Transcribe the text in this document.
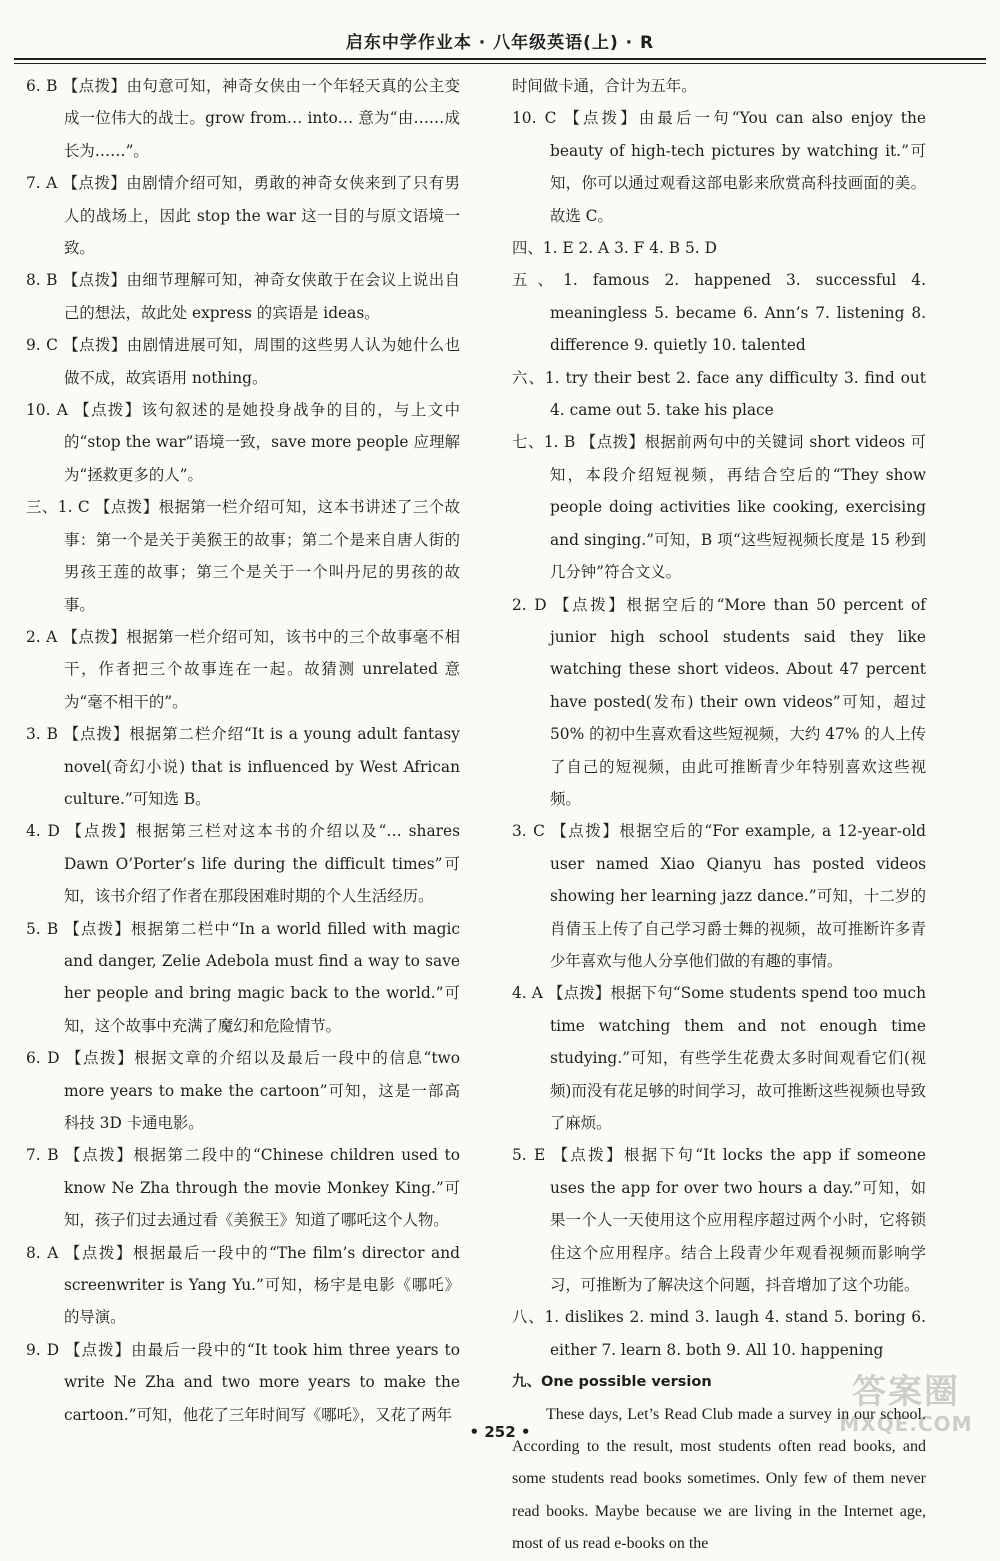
启东中学作业本 · 八年级英语(上) · R

6. B 【点拨】由句意可知，神奇女侠由一个年轻天真的公主变成一位伟大的战士。grow from… into… 意为“由……成长为……”。

7. A 【点拨】由剧情介绍可知，勇敢的神奇女侠来到了只有男人的战场上，因此 stop the war 这一目的与原文语境一致。

8. B 【点拨】由细节理解可知，神奇女侠敢于在会议上说出自己的想法，故此处 express 的宾语是 ideas。

9. C 【点拨】由剧情进展可知，周围的这些男人认为她什么也做不成，故宾语用 nothing。

10. A 【点拨】该句叙述的是她投身战争的目的，与上文中的“stop the war”语境一致，save more people 应理解为“拯救更多的人”。

三、1. C 【点拨】根据第一栏介绍可知，这本书讲述了三个故事：第一个是关于美猴王的故事；第二个是来自唐人街的男孩王莲的故事；第三个是关于一个叫丹尼的男孩的故事。

2. A 【点拨】根据第一栏介绍可知，该书中的三个故事毫不相干，作者把三个故事连在一起。故猜测 unrelated 意为“毫不相干的”。

3. B 【点拨】根据第二栏介绍“It is a young adult fantasy novel(奇幻小说) that is influenced by West African culture.”可知选 B。

4. D 【点拨】根据第三栏对这本书的介绍以及“… shares Dawn O’Porter’s life during the difficult times”可知，该书介绍了作者在那段困难时期的个人生活经历。

5. B 【点拨】根据第二栏中“In a world filled with magic and danger, Zelie Adebola must find a way to save her people and bring magic back to the world.”可知，这个故事中充满了魔幻和危险情节。

6. D 【点拨】根据文章的介绍以及最后一段中的信息“two more years to make the cartoon”可知，这是一部高科技 3D 卡通电影。

7. B 【点拨】根据第二段中的“Chinese children used to know Ne Zha through the movie Monkey King.”可知，孩子们过去通过看《美猴王》知道了哪吒这个人物。

8. A 【点拨】根据最后一段中的“The film’s director and screenwriter is Yang Yu.”可知，杨宇是电影《哪吒》的导演。

9. D 【点拨】由最后一段中的“It took him three years to write Ne Zha and two more years to make the cartoon.”可知，他花了三年时间写《哪吒》，又花了两年

时间做卡通，合计为五年。

10. C 【点拨】由最后一句“You can also enjoy the beauty of high-tech pictures by watching it.”可知，你可以通过观看这部电影来欣赏高科技画面的美。故选 C。

四、1. E 2. A 3. F 4. B 5. D

五、1. famous 2. happened 3. successful 4. meaningless 5. became 6. Ann’s 7. listening 8. difference 9. quietly 10. talented

六、1. try their best 2. face any difficulty 3. find out 4. came out 5. take his place

七、1. B 【点拨】根据前两句中的关键词 short videos 可知，本段介绍短视频，再结合空后的“They show people doing activities like cooking, exercising and singing.”可知，B 项“这些短视频长度是 15 秒到几分钟”符合文义。

2. D 【点拨】根据空后的“More than 50 percent of junior high school students said they like watching these short videos. About 47 percent have posted(发布) their own videos”可知，超过 50% 的初中生喜欢看这些短视频，大约 47% 的人上传了自己的短视频，由此可推断青少年特别喜欢这些视频。

3. C 【点拨】根据空后的“For example, a 12-year-old user named Xiao Qianyu has posted videos showing her learning jazz dance.”可知，十二岁的肖倩玉上传了自己学习爵士舞的视频，故可推断许多青少年喜欢与他人分享他们做的有趣的事情。

4. A 【点拨】根据下句“Some students spend too much time watching them and not enough time studying.”可知，有些学生花费太多时间观看它们(视频)而没有花足够的时间学习，故可推断这些视频也导致了麻烦。

5. E 【点拨】根据下句“It locks the app if someone uses the app for over two hours a day.”可知，如果一个人一天使用这个应用程序超过两个小时，它将锁住这个应用程序。结合上段青少年观看视频而影响学习，可推断为了解决这个问题，抖音增加了这个功能。

八、1. dislikes 2. mind 3. laugh 4. stand 5. boring 6. either 7. learn 8. both 9. All 10. happening

九、One possible version

These days, Let’s Read Club made a survey in our school. According to the result, most students often read books, and some students read books sometimes. Only few of them never read books. Maybe because we are living in the Internet age, most of us read e-books on the

• 252 •
答案圈
MXQE.COM
